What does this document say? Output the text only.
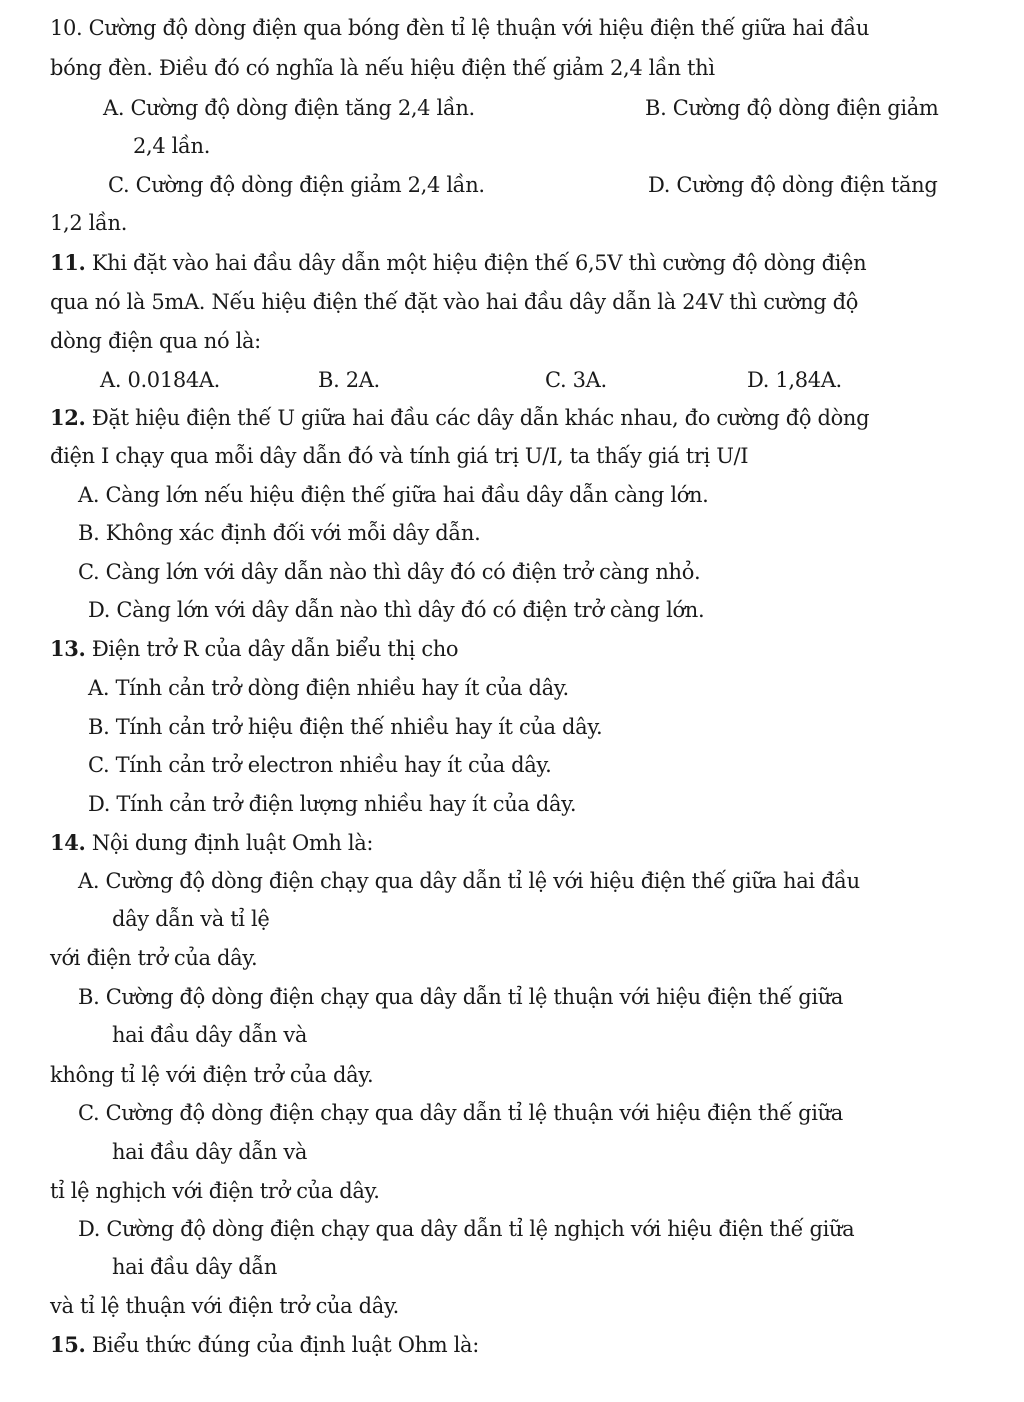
10. Cường độ dòng điện qua bóng đèn tỉ lệ thuận với hiệu điện thế giữa hai đầu
bóng đèn. Điều đó có nghĩa là nếu hiệu điện thế giảm 2,4 lần thì
A. Cường độ dòng điện tăng 2,4 lần.	B. Cường độ dòng điện giảm
2,4 lần.
C. Cường độ dòng điện giảm 2,4 lần.	D. Cường độ dòng điện tăng
1,2 lần.
11. Khi đặt vào hai đầu dây dẫn một hiệu điện thế 6,5V thì cường độ dòng điện
qua nó là 5mA. Nếu hiệu điện thế đặt vào hai đầu dây dẫn là 24V thì cường độ
dòng điện qua nó là:
A. 0.0184A.	B. 2A.	C. 3A.	D. 1,84A.
12. Đặt hiệu điện thế U giữa hai đầu các dây dẫn khác nhau, đo cường độ dòng
điện I chạy qua mỗi dây dẫn đó và tính giá trị U/I, ta thấy giá trị U/I
A. Càng lớn nếu hiệu điện thế giữa hai đầu dây dẫn càng lớn.
B. Không xác định đối với mỗi dây dẫn.
C. Càng lớn với dây dẫn nào thì dây đó có điện trở càng nhỏ.
D. Càng lớn với dây dẫn nào thì dây đó có điện trở càng lớn.
13. Điện trở R của dây dẫn biểu thị cho
A. Tính cản trở dòng điện nhiều hay ít của dây.
B. Tính cản trở hiệu điện thế nhiều hay ít của dây.
C. Tính cản trở electron nhiều hay ít của dây.
D. Tính cản trở điện lượng nhiều hay ít của dây.
14. Nội dung định luật Omh là:
A. Cường độ dòng điện chạy qua dây dẫn tỉ lệ với hiệu điện thế giữa hai đầu
dây dẫn và tỉ lệ
với điện trở của dây.
B. Cường độ dòng điện chạy qua dây dẫn tỉ lệ thuận với hiệu điện thế giữa
hai đầu dây dẫn và
không tỉ lệ với điện trở của dây.
C. Cường độ dòng điện chạy qua dây dẫn tỉ lệ thuận với hiệu điện thế giữa
hai đầu dây dẫn và
tỉ lệ nghịch với điện trở của dây.
D. Cường độ dòng điện chạy qua dây dẫn tỉ lệ nghịch với hiệu điện thế giữa
hai đầu dây dẫn
và tỉ lệ thuận với điện trở của dây.
15. Biểu thức đúng của định luật Ohm là:
